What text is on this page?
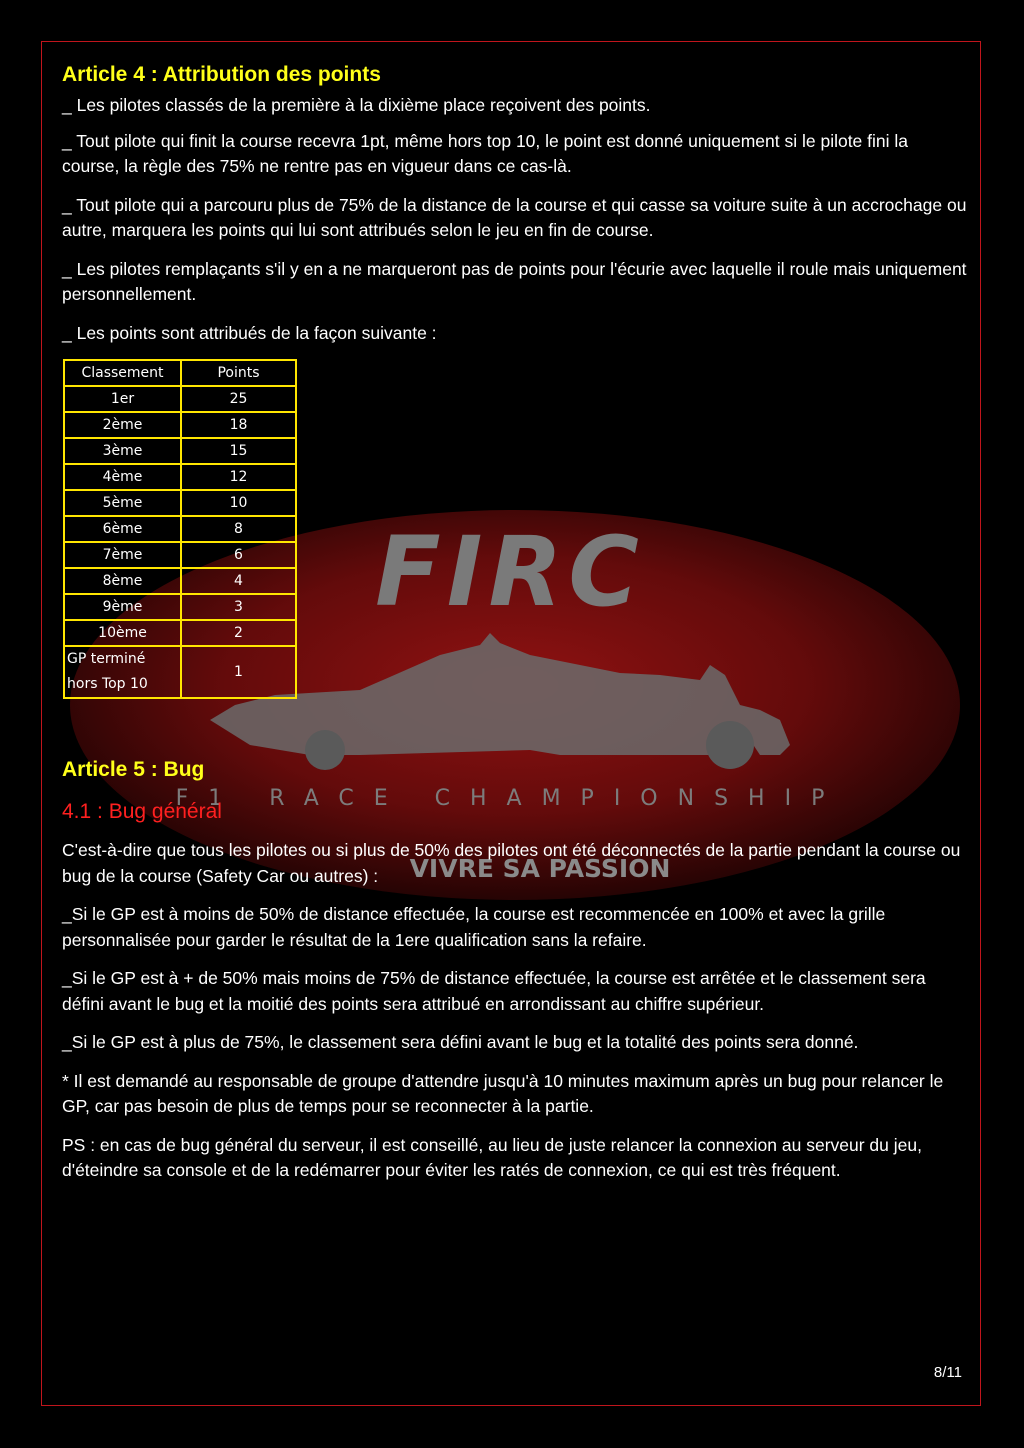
FIRC
F1 RACE CHAMPIONSHIP
VIVRE SA PASSION
Article 4 : Attribution des points

_ Les pilotes classés de la première à la dixième place reçoivent des points.

_ Tout pilote qui finit la course recevra 1pt, même hors top 10, le point est donné uniquement si le pilote fini la course, la règle des 75% ne rentre pas en vigueur dans ce cas-là.

_ Tout pilote qui a parcouru plus de 75% de la distance de la course et qui casse sa voiture suite à un accrochage ou autre, marquera les points qui lui sont attribués selon le jeu en fin de course.

_ Les pilotes remplaçants s'il y en a ne marqueront pas de points pour l'écurie avec laquelle il roule mais uniquement personnellement.

_ Les points sont attribués de la façon suivante :

Classement	Points
1er	25
2ème	18
3ème	15
4ème	12
5ème	10
6ème	8
7ème	6
8ème	4
9ème	3
10ème	2
GP terminé
hors Top 10	1
Article 5 : Bug
4.1 : Bug général

C'est-à-dire que tous les pilotes ou si plus de 50% des pilotes ont été déconnectés de la partie pendant la course ou bug de la course (Safety Car ou autres) :

_Si le GP est à moins de 50% de distance effectuée, la course est recommencée en 100% et avec la grille personnalisée pour garder le résultat de la 1ere qualification sans la refaire.

_Si le GP est à + de 50% mais moins de 75% de distance effectuée, la course est arrêtée et le classement sera défini avant le bug et la moitié des points sera attribué en arrondissant au chiffre supérieur.

_Si le GP est à plus de 75%, le classement sera défini avant le bug et la totalité des points sera donné.

* Il est demandé au responsable de groupe d'attendre jusqu'à 10 minutes maximum après un bug pour relancer le GP, car pas besoin de plus de temps pour se reconnecter à la partie.

PS : en cas de bug général du serveur, il est conseillé, au lieu de juste relancer la connexion au serveur du jeu, d'éteindre sa console et de la redémarrer pour éviter les ratés de connexion, ce qui est très fréquent.

8/11
